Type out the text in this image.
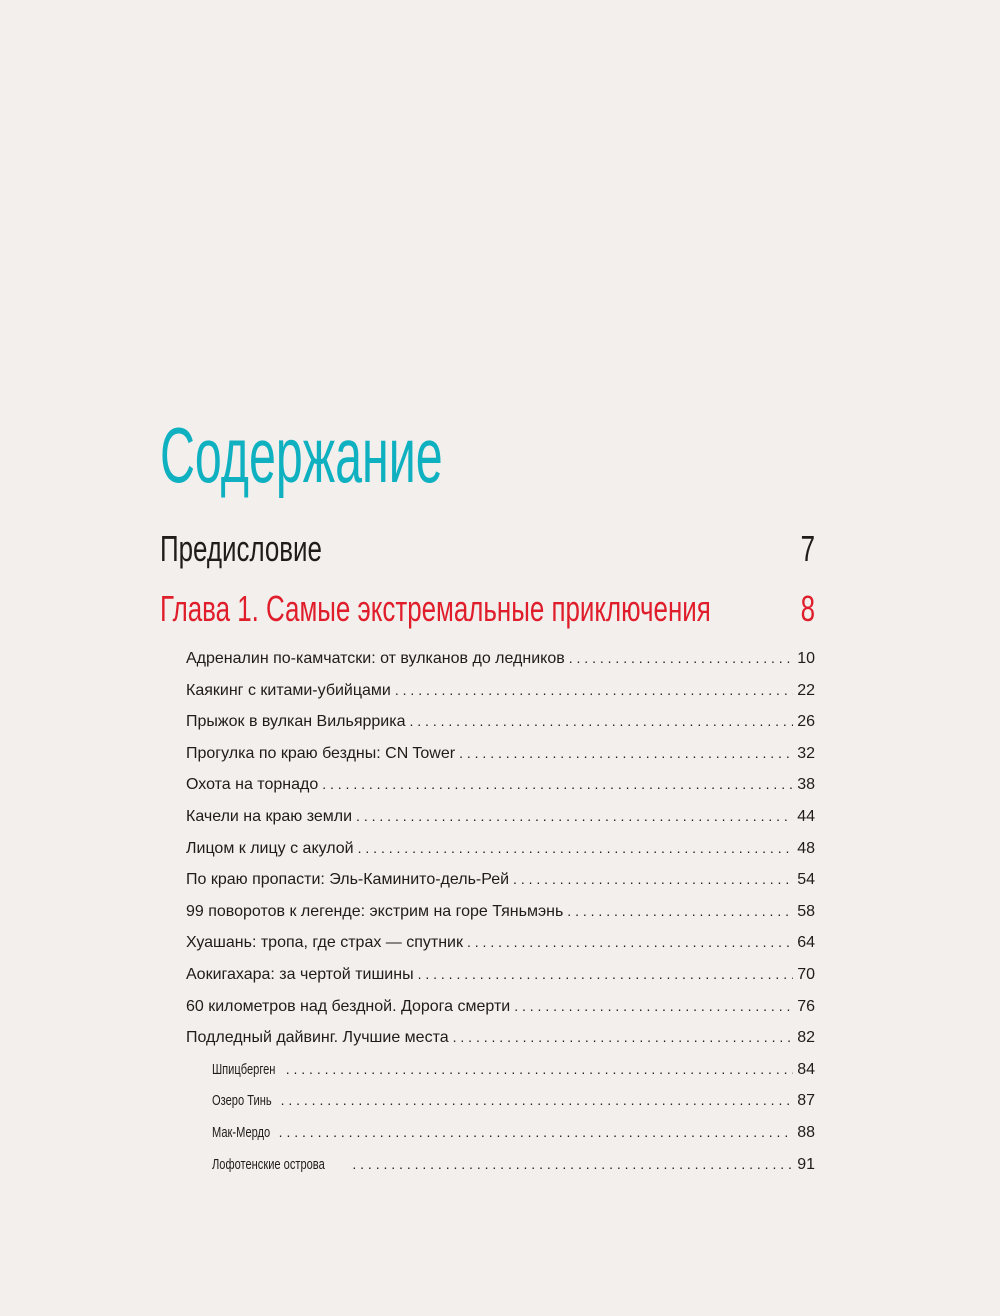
Содержание
Предисловие	7
Глава 1. Самые экстремальные приключения 8
Адреналин по-камчатски: от вулканов до ледников . . .	10
Каякинг с китами-убийцами . . .	22
Прыжок в вулкан Вильяррика . . .	26
Прогулка по краю бездны: CN Tower . . .	32
Охота на торнадо . . .	38
Качели на краю земли . . .	44
Лицом к лицу с акулой . . .	48
По краю пропасти: Эль-Каминито-дель-Рей . . .	54
99 поворотов к легенде: экстрим на горе Тяньмэнь . . .	58
Хуашань: тропа, где страх — спутник . . .	64
Аокигахара: за чертой тишины . . .	70
60 километров над бездной. Дорога смерти . . .	76
Подледный дайвинг. Лучшие места . . .	82
Шпицберген . . .	84
Озеро Тинь . . .	87
Мак-Мердо . . .	88
Лофотенские острова . . .	91
